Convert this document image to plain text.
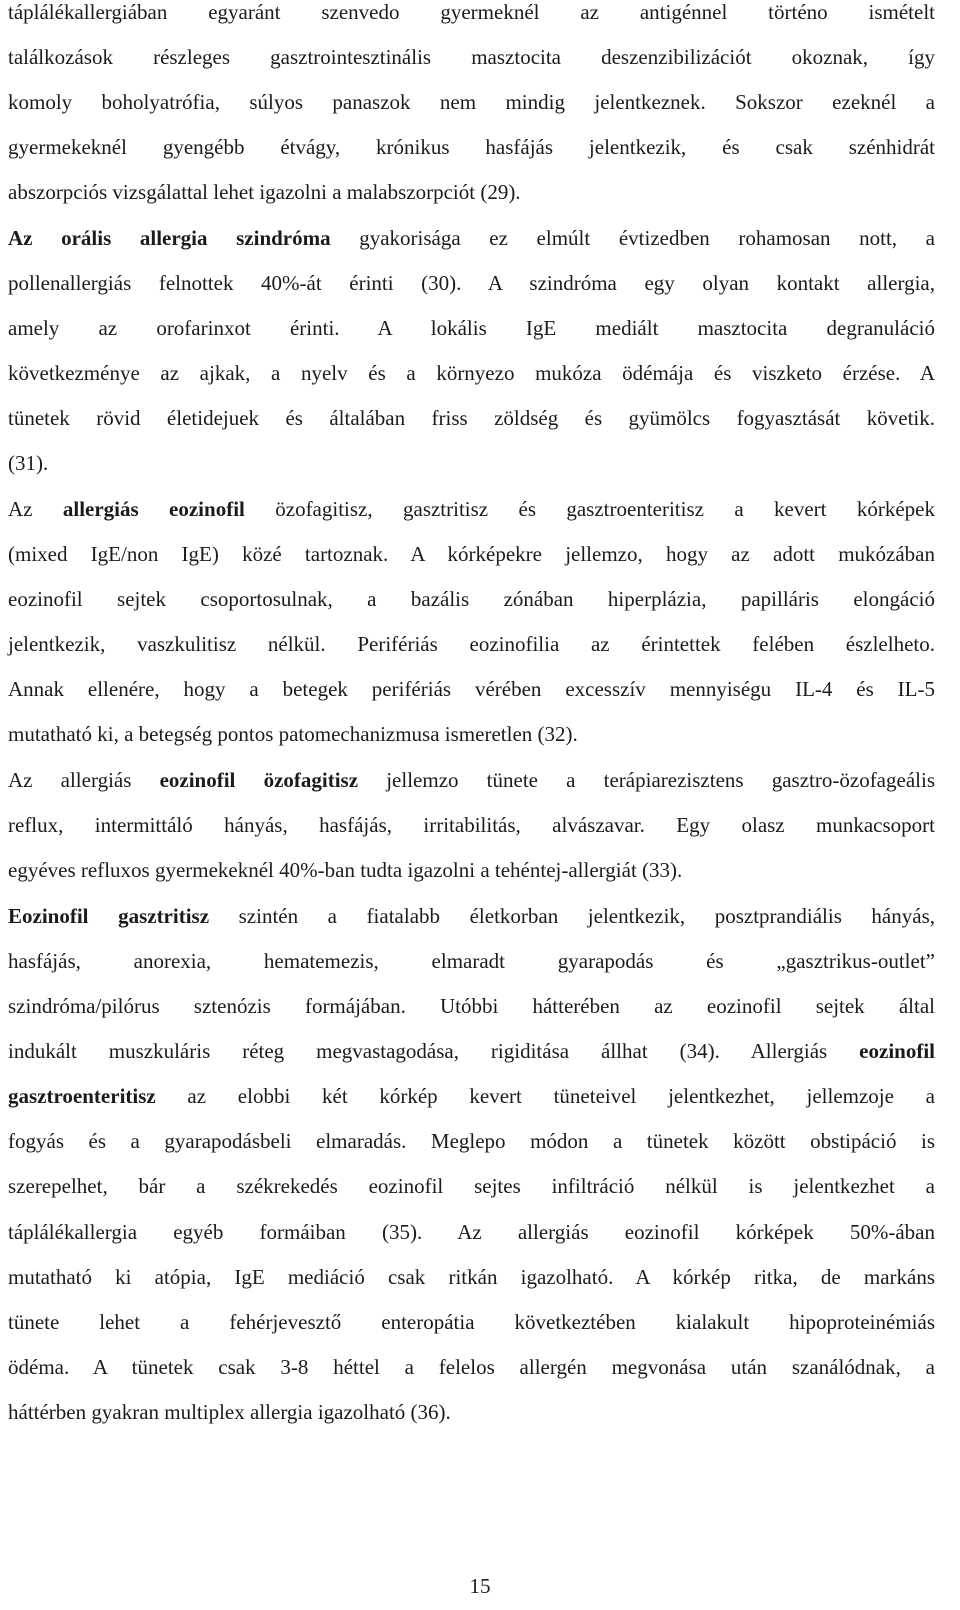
táplálékallergiában egyaránt szenvedo gyermeknél az antigénnel történo ismételt
találkozások részleges gasztrointesztinális masztocita deszenzibilizációt okoznak, így
komoly boholyatrófia, súlyos panaszok nem mindig jelentkeznek. Sokszor ezeknél a
gyermekeknél gyengébb étvágy, krónikus hasfájás jelentkezik, és csak szénhidrát
abszorpciós vizsgálattal lehet igazolni a malabszorpciót (29).
Az orális allergia szindróma gyakorisága ez elmúlt évtizedben rohamosan nott, a
pollenallergiás felnottek 40%-át érinti (30). A szindróma egy olyan kontakt allergia,
amely az orofarinxot érinti. A lokális IgE mediált masztocita degranuláció
következménye az ajkak, a nyelv és a környezo mukóza ödémája és viszketo érzése. A
tünetek rövid életidejuek és általában friss zöldség és gyümölcs fogyasztását követik.
(31).
Az allergiás eozinofil özofagitisz, gasztritisz és gasztroenteritisz a kevert kórképek
(mixed IgE/non IgE) közé tartoznak. A kórképekre jellemzo, hogy az adott mukózában
eozinofil sejtek csoportosulnak, a bazális zónában hiperplázia, papilláris elongáció
jelentkezik, vaszkulitisz nélkül. Perifériás eozinofilia az érintettek felében észlelheto.
Annak ellenére, hogy a betegek perifériás vérében excesszív mennyiségu IL-4 és IL-5
mutatható ki, a betegség pontos patomechanizmusa ismeretlen (32).
Az allergiás eozinofil özofagitisz jellemzo tünete a terápiarezisztens gasztro-özofageális
reflux, intermittáló hányás, hasfájás, irritabilitás, alvászavar. Egy olasz munkacsoport
egyéves refluxos gyermekeknél 40%-ban tudta igazolni a tehéntej-allergiát (33).
Eozinofil gasztritisz szintén a fiatalabb életkorban jelentkezik, posztprandiális hányás,
hasfájás, anorexia, hematemezis, elmaradt gyarapodás és „gasztrikus-outlet”
szindróma/pilórus sztenózis formájában. Utóbbi hátterében az eozinofil sejtek által
indukált muszkuláris réteg megvastagodása, rigiditása állhat (34). Allergiás eozinofil
gasztroenteritisz az elobbi két kórkép kevert tüneteivel jelentkezhet, jellemzoje a
fogyás és a gyarapodásbeli elmaradás. Meglepo módon a tünetek között obstipáció is
szerepelhet, bár a székrekedés eozinofil sejtes infiltráció nélkül is jelentkezhet a
táplálékallergia egyéb formáiban (35). Az allergiás eozinofil kórképek 50%-ában
mutatható ki atópia, IgE mediáció csak ritkán igazolható. A kórkép ritka, de markáns
tünete lehet a fehérjevesztő enteropátia következtében kialakult hipoproteinémiás
ödéma. A tünetek csak 3-8 héttel a felelos allergén megvonása után szanálódnak, a
háttérben gyakran multiplex allergia igazolható (36).
15
